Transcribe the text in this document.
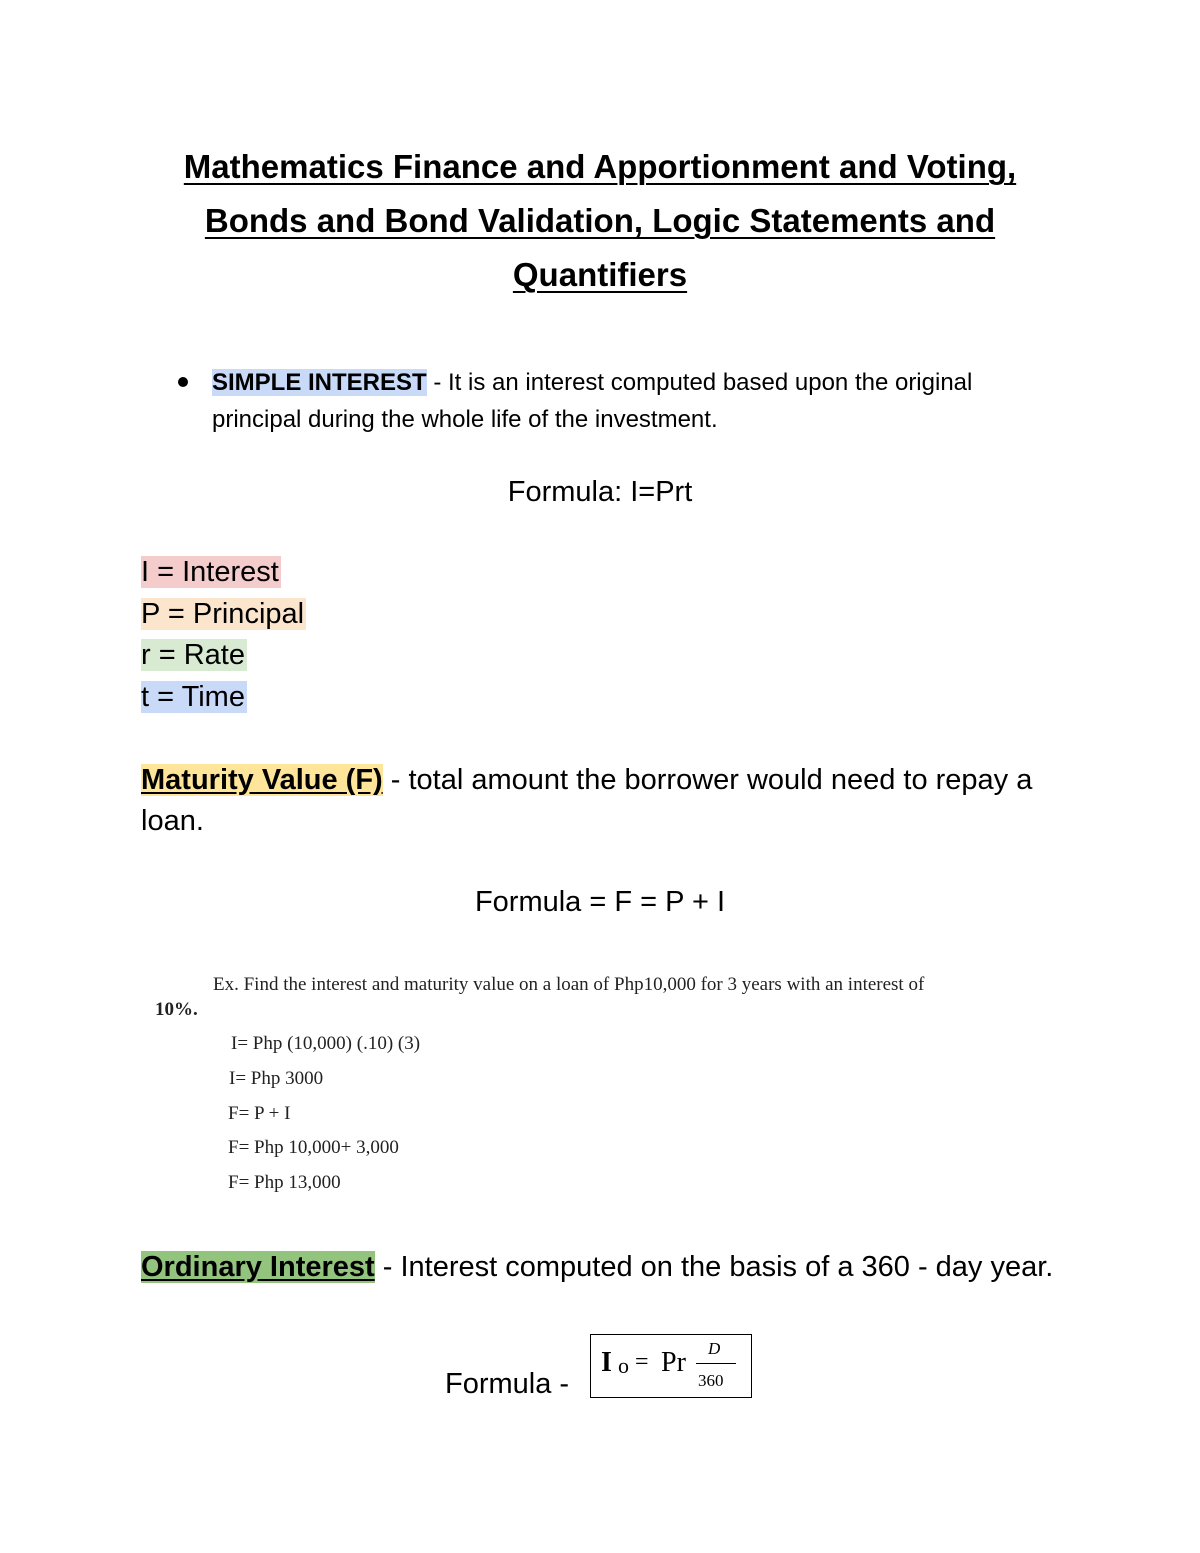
Mathematics Finance and Apportionment and Voting,
Bonds and Bond Validation, Logic Statements and
Quantifiers
SIMPLE INTEREST - It is an interest computed based upon the original principal during the whole life of the investment.
Formula: I=Prt
I = Interest
P = Principal
r = Rate
t = Time
Maturity Value (F) - total amount the borrower would need to repay a loan.
Formula = F = P + I
Ex. Find the interest and maturity value on a loan of Php10,000 for 3 years with an interest of
10%.
I= Php (10,000) (.10) (3)
I= Php 3000
F= P + I
F= Php 10,000+ 3,000
F= Php 13,000
Ordinary Interest - Interest computed on the basis of a 360 - day year.
Formula -
I o = Pr D
360
